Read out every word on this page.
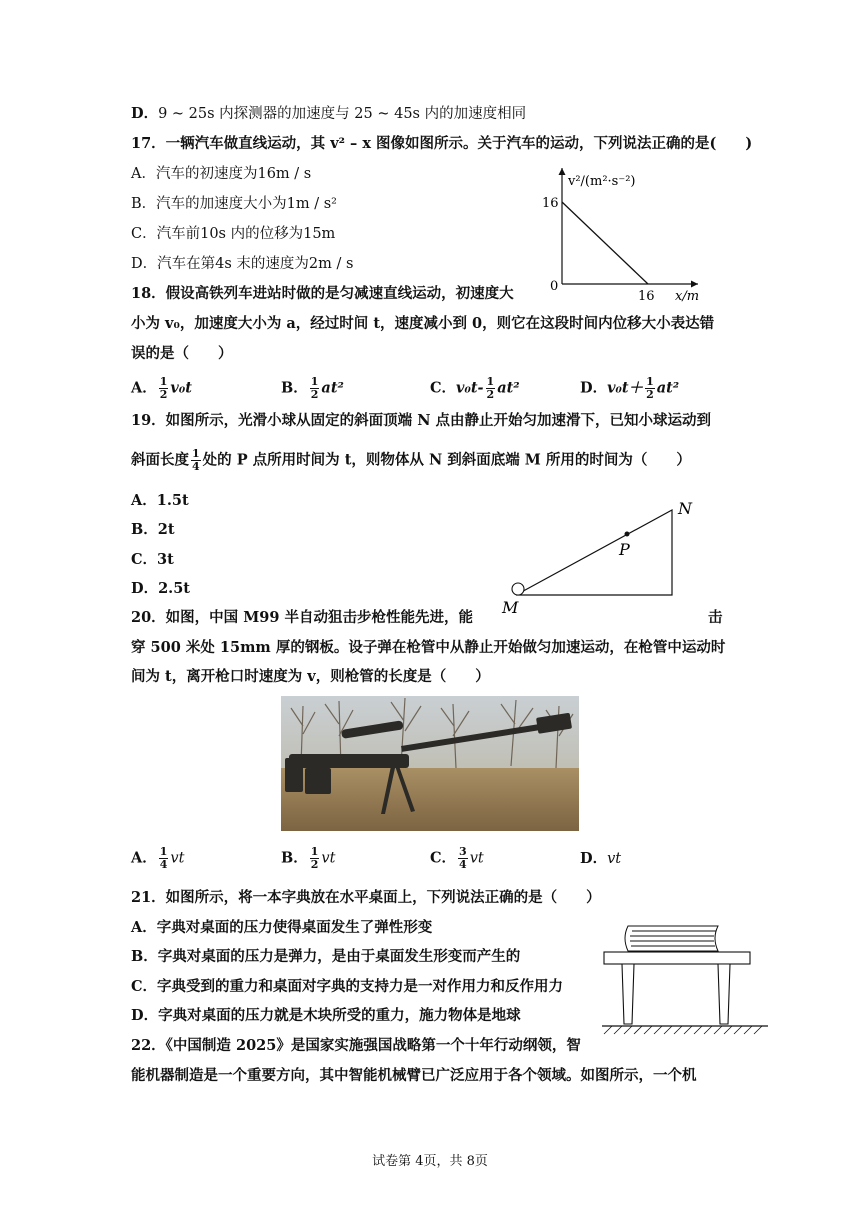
D．9 ~ 25s 内探测器的加速度与 25 ~ 45s 内的加速度相同
17．一辆汽车做直线运动，其 v² – x 图像如图所示。关于汽车的运动，下列说法正确的是(　　)
A．汽车的初速度为16m / s
B．汽车的加速度大小为1m / s²
C．汽车前10s 内的位移为15m
D．汽车在第4s 末的速度为2m / s
v²/(m²·s⁻²)
x/m
16
16
0
18．假设高铁列车进站时做的是匀减速直线运动，初速度大
小为 v₀，加速度大小为 a，经过时间 t，速度减小到 0，则它在这段时间内位移大小表达错
误的是（　　）
A． $\frac{1}{2} v_0t$	B． $\frac{1}{2} at^2$	C．$v_0t- \frac{1}{2} at^2$	D．$v_0t+ \frac{1}{2} at^2$
19．如图所示，光滑小球从固定的斜面顶端 N 点由静止开始匀加速滑下，已知小球运动到
斜面长度 $\frac{1}{4}$ 处的 P 点所用时间为 t，则物体从 N 到斜面底端 M 所用的时间为（　　）
A．1.5t
B．2t
C．3t
D．2.5t
N
P
M
20．如图，中国 M99 半自动狙击步枪性能先进，能	击
穿 500 米处 15mm 厚的钢板。设子弹在枪管中从静止开始做匀加速运动，在枪管中运动时
间为 t，离开枪口时速度为 v，则枪管的长度是（　　）
A． $\frac{1}{4}$ vt	B． $\frac{1}{2}$ vt	C． $\frac{3}{4}$ vt	D．vt
21．如图所示，将一本字典放在水平桌面上，下列说法正确的是（　　）
A．字典对桌面的压力使得桌面发生了弹性形变
B．字典对桌面的压力是弹力，是由于桌面发生形变而产生的
C．字典受到的重力和桌面对字典的支持力是一对作用力和反作用力
D．字典对桌面的压力就是木块所受的重力，施力物体是地球
22．《中国制造 2025》是国家实施强国战略第一个十年行动纲领，智
能机器制造是一个重要方向，其中智能机械臂已广泛应用于各个领域。如图所示，一个机
试卷第 4页，共 8页
